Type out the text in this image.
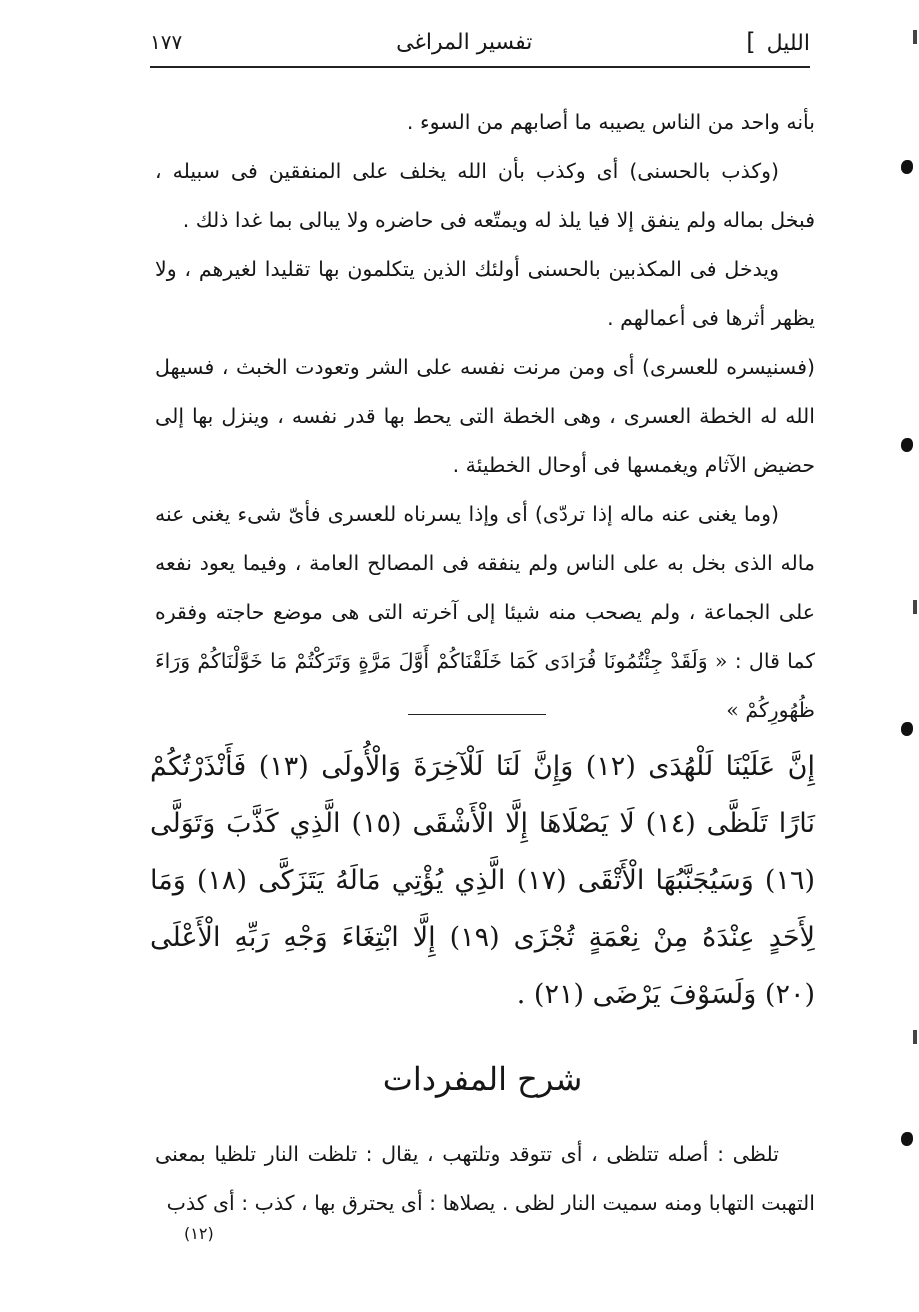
الليل ]
تفسير المراغى
١٧٧

بأنه واحد من الناس يصيبه ما أصابهم من السوء .

(وكذب بالحسنى) أى وكذب بأن الله يخلف على المنفقين فى سبيله ، فبخل بماله ولم ينفق إلا فيا يلذ له ويمتّعه فى حاضره ولا يبالى بما غدا ذلك .

ويدخل فى المكذبين بالحسنى أولئك الذين يتكلمون بها تقليدا لغيرهم ، ولا يظهر أثرها فى أعمالهم .

(فسنيسره للعسرى) أى ومن مرنت نفسه على الشر وتعودت الخبث ، فسيهل الله له الخطة العسرى ، وهى الخطة التى يحط بها قدر نفسه ، وينزل بها إلى حضيض الآثام ويغمسها فى أوحال الخطيئة .

(وما يغنى عنه ماله إذا تردّى) أى وإذا يسرناه للعسرى فأىّ شىء يغنى عنه ماله الذى بخل به على الناس ولم ينفقه فى المصالح العامة ، وفيما يعود نفعه على الجماعة ، ولم يصحب منه شيئا إلى آخرته التى هى موضع حاجته وفقره كما قال : « وَلَقَدْ جِئْتُمُونَا فُرَادَى كَمَا خَلَقْنَاكُمْ أَوَّلَ مَرَّةٍ وَتَرَكْتُمْ مَا خَوَّلْنَاكُمْ وَرَاءَ ظُهُورِكُمْ »

إِنَّ عَلَيْنَا لَلْهُدَى (١٢) وَإِنَّ لَنَا لَلْآخِرَةَ وَالْأُولَى (١٣) فَأَنْذَرْتُكُمْ نَارًا تَلَظَّى (١٤) لَا يَصْلَاهَا إِلَّا الْأَشْقَى (١٥) الَّذِي كَذَّبَ وَتَوَلَّى (١٦) وَسَيُجَنَّبُهَا الْأَتْقَى (١٧) الَّذِي يُؤْتِي مَالَهُ يَتَزَكَّى (١٨) وَمَا لِأَحَدٍ عِنْدَهُ مِنْ نِعْمَةٍ تُجْزَى (١٩) إِلَّا ابْتِغَاءَ وَجْهِ رَبِّهِ الْأَعْلَى (٢٠) وَلَسَوْفَ يَرْضَى (٢١) .
شرح المفردات

تلظى : أصله تتلظى ، أى تتوقد وتلتهب ، يقال : تلظت النار تلظيا بمعنى التهبت التهابا ومنه سميت النار لظى . يصلاها : أى يحترق بها ، كذب : أى كذب

(١٢)
